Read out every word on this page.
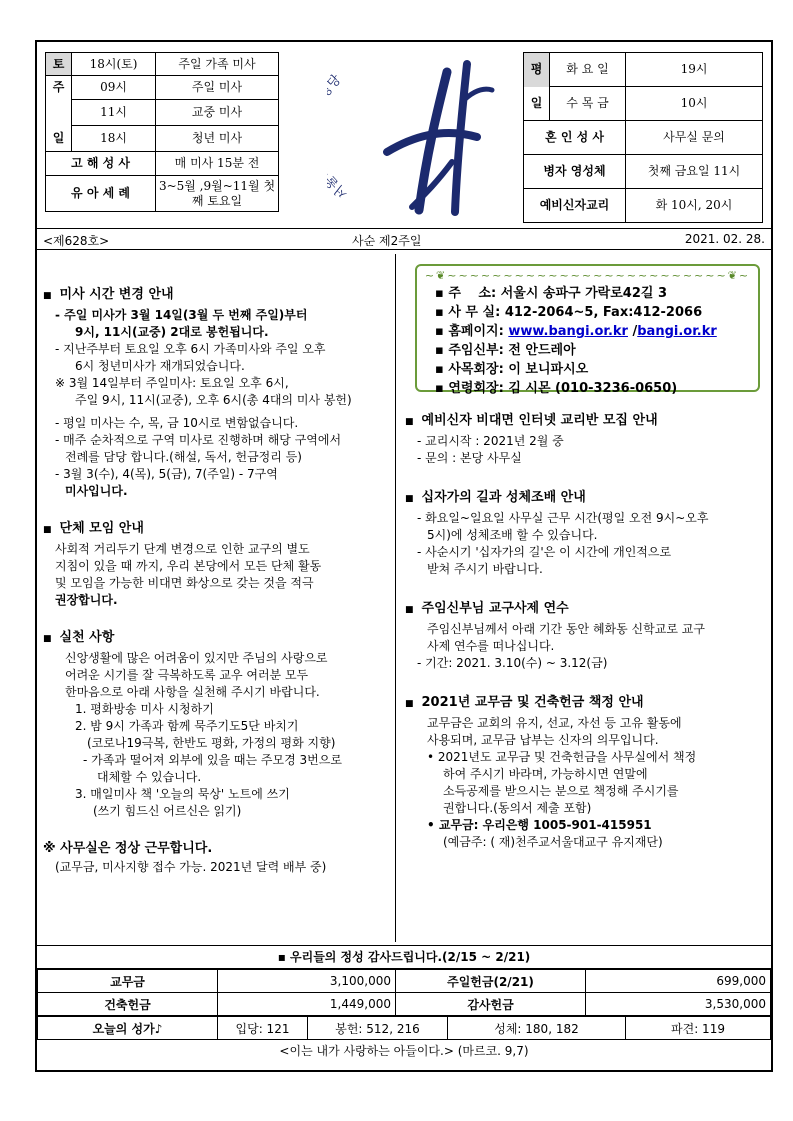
토	18시(토)	주일 가족 미사
주	09시	주일 미사
	11시	교중 미사
일	18시	청년 미사
고 해 성 사		매 미사 15분 전
유 아 세 례		3~5월 ,9월~11월 첫째 토요일	서
평	화 요 일	19시
일	수 목 금	10시
혼 인 성 사		사무실 문의
병자 영성체		첫째 금요일 11시
예비신자교리		화 10시, 20시
<제628호>	사순 제2주일	2021. 02. 28.
■ 미사 시간 변경 안내
- 주일 미사가 3월 14일(3월 두 번째 주일)부터
9시, 11시(교중) 2대로 봉헌됩니다.
- 지난주부터 토요일 오후 6시 가족미사와 주일 오후
6시 청년미사가 재개되었습니다.
※ 3월 14일부터 주일미사: 토요일 오후 6시,
주일 9시, 11시(교중), 오후 6시(총 4대의 미사 봉헌)
- 평일 미사는 수, 목, 금 10시로 변함없습니다.
- 매주 순차적으로 구역 미사로 진행하며 해당 구역에서
전례를 담당 합니다.(해설, 독서, 헌금정리 등)
- 3월 3(수), 4(목), 5(금), 7(주일) - 7구역
미사입니다.
■ 단체 모임 안내
사회적 거리두기 단계 변경으로 인한 교구의 별도
지침이 있을 때 까지, 우리 본당에서 모든 단체 활동
및 모임을 가능한 비대면 화상으로 갖는 것을 적극
권장합니다.
■ 실천 사항
신앙생활에 많은 어려움이 있지만 주님의 사랑으로
어려운 시기를 잘 극복하도록 교우 여러분 모두
한마음으로 아래 사항을 실천해 주시기 바랍니다.
1. 평화방송 미사 시청하기
2. 밤 9시 가족과 함께 묵주기도5단 바치기
(코로나19극복, 한반도 평화, 가정의 평화 지향)
- 가족과 떨어져 외부에 있을 때는 주모경 3번으로
대체할 수 있습니다.
3. 매일미사 책 '오늘의 묵상' 노트에 쓰기
(쓰기 힘드신 어르신은 읽기)
※ 사무실은 정상 근무합니다.
(교무금, 미사지향 접수 가능. 2021년 달력 배부 중)
~❦~~~~~~~~~~~~~~~~~~~~~~~~~❦~
▪ 주　 소: 서울시 송파구 가락로42길 3
▪ 사 무 실: 412-2064~5, Fax:412-2066
▪ 홈페이지: www.bangi.or.kr /bangi.or.kr
▪ 주임신부: 전 안드레아
▪ 사목회장: 이 보니파시오
▪ 연령회장: 김 시몬 (010-3236-0650)
■ 예비신자 비대면 인터넷 교리반 모집 안내
- 교리시작 : 2021년 2월 중
- 문의 : 본당 사무실
■ 십자가의 길과 성체조배 안내
- 화요일~일요일 사무실 근무 시간(평일 오전 9시~오후
5시)에 성체조배 할 수 있습니다.
- 사순시기 '십자가의 길'은 이 시간에 개인적으로
받쳐 주시기 바랍니다.
■ 주임신부님 교구사제 연수
주임신부님께서 아래 기간 동안 혜화동 신학교로 교구
사제 연수를 떠나십니다.
- 기간: 2021. 3.10(수) ~ 3.12(금)
■ 2021년 교무금 및 건축헌금 책정 안내
교무금은 교회의 유지, 선교, 자선 등 고유 활동에
사용되며, 교무금 납부는 신자의 의무입니다.
• 2021년도 교무금 및 건축헌금을 사무실에서 책정
하여 주시기 바라며, 가능하시면 연말에
소득공제를 받으시는 분으로 책정해 주시기를
권합니다.(동의서 제출 포함)
• 교무금: 우리은행 1005-901-415951
(예금주: ( 재)천주교서울대교구 유지재단)
▪ 우리들의 정성 감사드립니다.(2/15 ~ 2/21)
교무금	3,100,000	주일헌금(2/21)	699,000
건축헌금	1,449,000	감사헌금	3,530,000
오늘의 성가♪	입당: 121	봉헌: 512, 216	성체: 180, 182	파견: 119
<이는 내가 사랑하는 아들이다.> (마르코. 9,7)
